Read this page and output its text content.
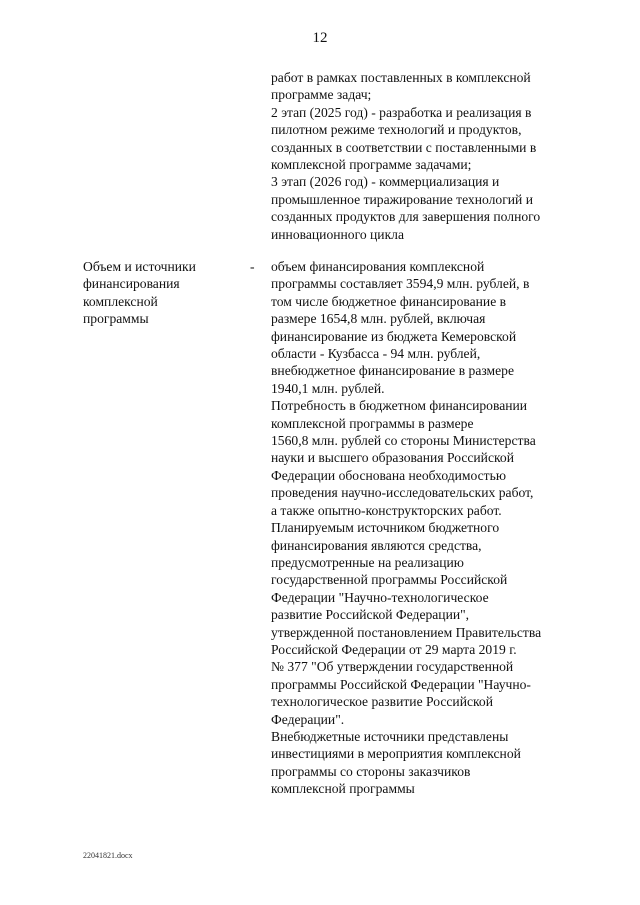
12
работ в рамках поставленных в комплексной
программе задач;
2 этап (2025 год) - разработка и реализация в
пилотном режиме технологий и продуктов,
созданных в соответствии с поставленными в
комплексной программе задачами;
3 этап (2026 год) - коммерциализация и
промышленное тиражирование технологий и
созданных продуктов для завершения полного
инновационного цикла
Объем и источники
финансирования
комплексной
программы
- объем финансирования комплексной
программы составляет 3594,9 млн. рублей, в
том числе бюджетное финансирование в
размере 1654,8 млн. рублей, включая
финансирование из бюджета Кемеровской
области - Кузбасса - 94 млн. рублей,
внебюджетное финансирование в размере
1940,1 млн. рублей.
Потребность в бюджетном финансировании
комплексной программы в размере
1560,8 млн. рублей со стороны Министерства
науки и высшего образования Российской
Федерации обоснована необходимостью
проведения научно-исследовательских работ,
а также опытно-конструкторских работ.
Планируемым источником бюджетного
финансирования являются средства,
предусмотренные на реализацию
государственной программы Российской
Федерации "Научно-технологическое
развитие Российской Федерации",
утвержденной постановлением Правительства
Российской Федерации от 29 марта 2019 г.
№ 377 "Об утверждении государственной
программы Российской Федерации "Научно-
технологическое развитие Российской
Федерации".
Внебюджетные источники представлены
инвестициями в мероприятия комплексной
программы со стороны заказчиков
комплексной программы
22041821.docx
